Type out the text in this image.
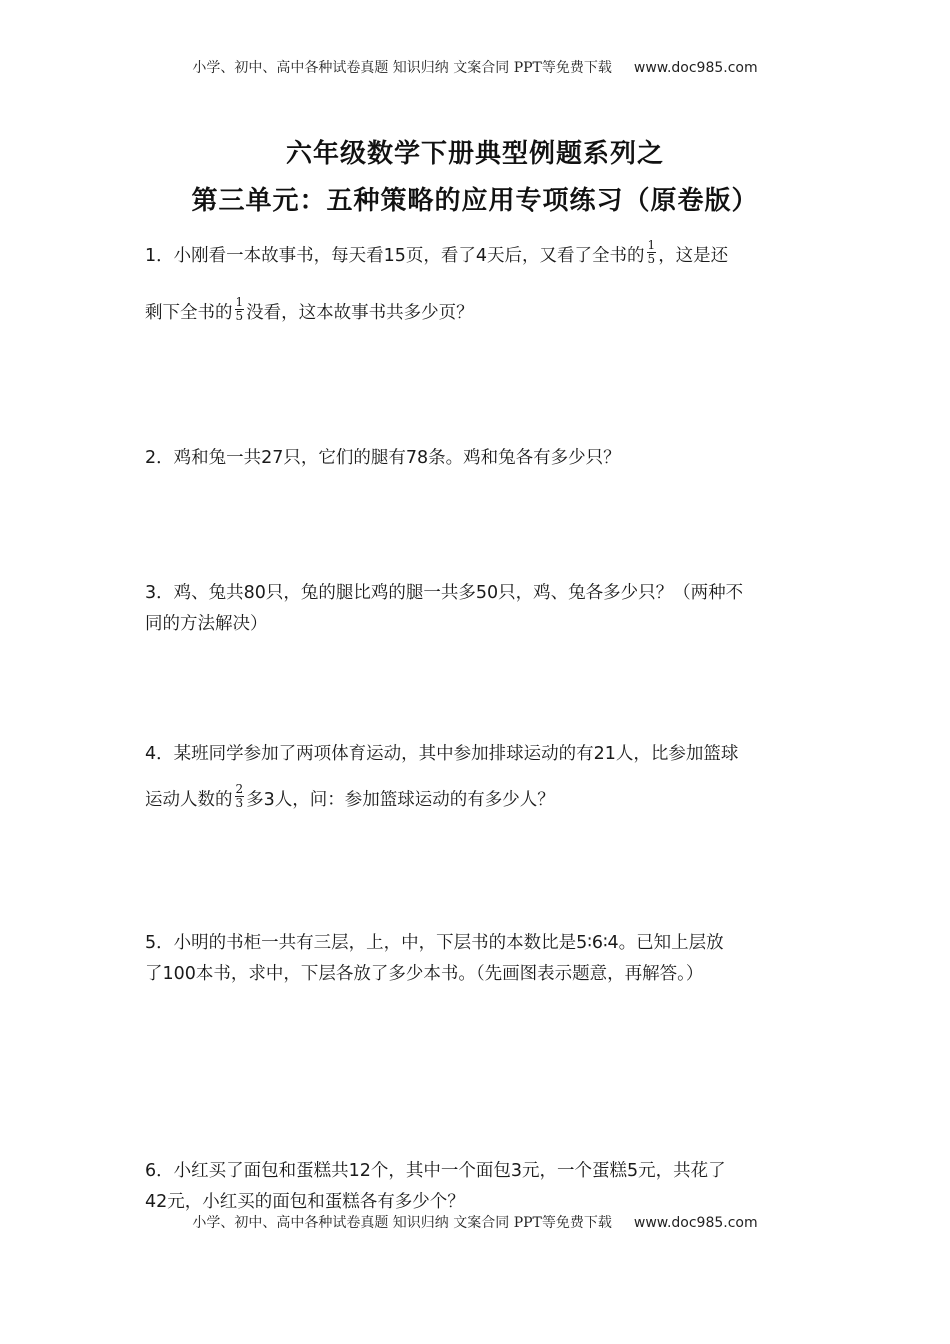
小学、初中、高中各种试卷真题 知识归纳 文案合同 PPT等免费下载 www.doc985.com
六年级数学下册典型例题系列之
第三单元：五种策略的应用专项练习（原卷版）
1．小刚看一本故事书，每天看15页，看了4天后，又看了全书的 $\frac{1}{5}$ ，这是还
剩下全书的 $\frac{1}{5}$ 没看，这本故事书共多少页？
2．鸡和兔一共27只，它们的腿有78条。鸡和兔各有多少只？
3．鸡、兔共80只，兔的腿比鸡的腿一共多50只，鸡、兔各多少只？（两种不
同的方法解决）
4．某班同学参加了两项体育运动，其中参加排球运动的有21人，比参加篮球
运动人数的 $\frac{2}{3}$ 多3人，问：参加篮球运动的有多少人？
5．小明的书柜一共有三层，上，中，下层书的本数比是5∶6∶4。已知上层放
了100本书，求中，下层各放了多少本书。（先画图表示题意，再解答。）
6．小红买了面包和蛋糕共12个，其中一个面包3元，一个蛋糕5元，共花了
42元，小红买的面包和蛋糕各有多少个？
小学、初中、高中各种试卷真题 知识归纳 文案合同 PPT等免费下载 www.doc985.com
